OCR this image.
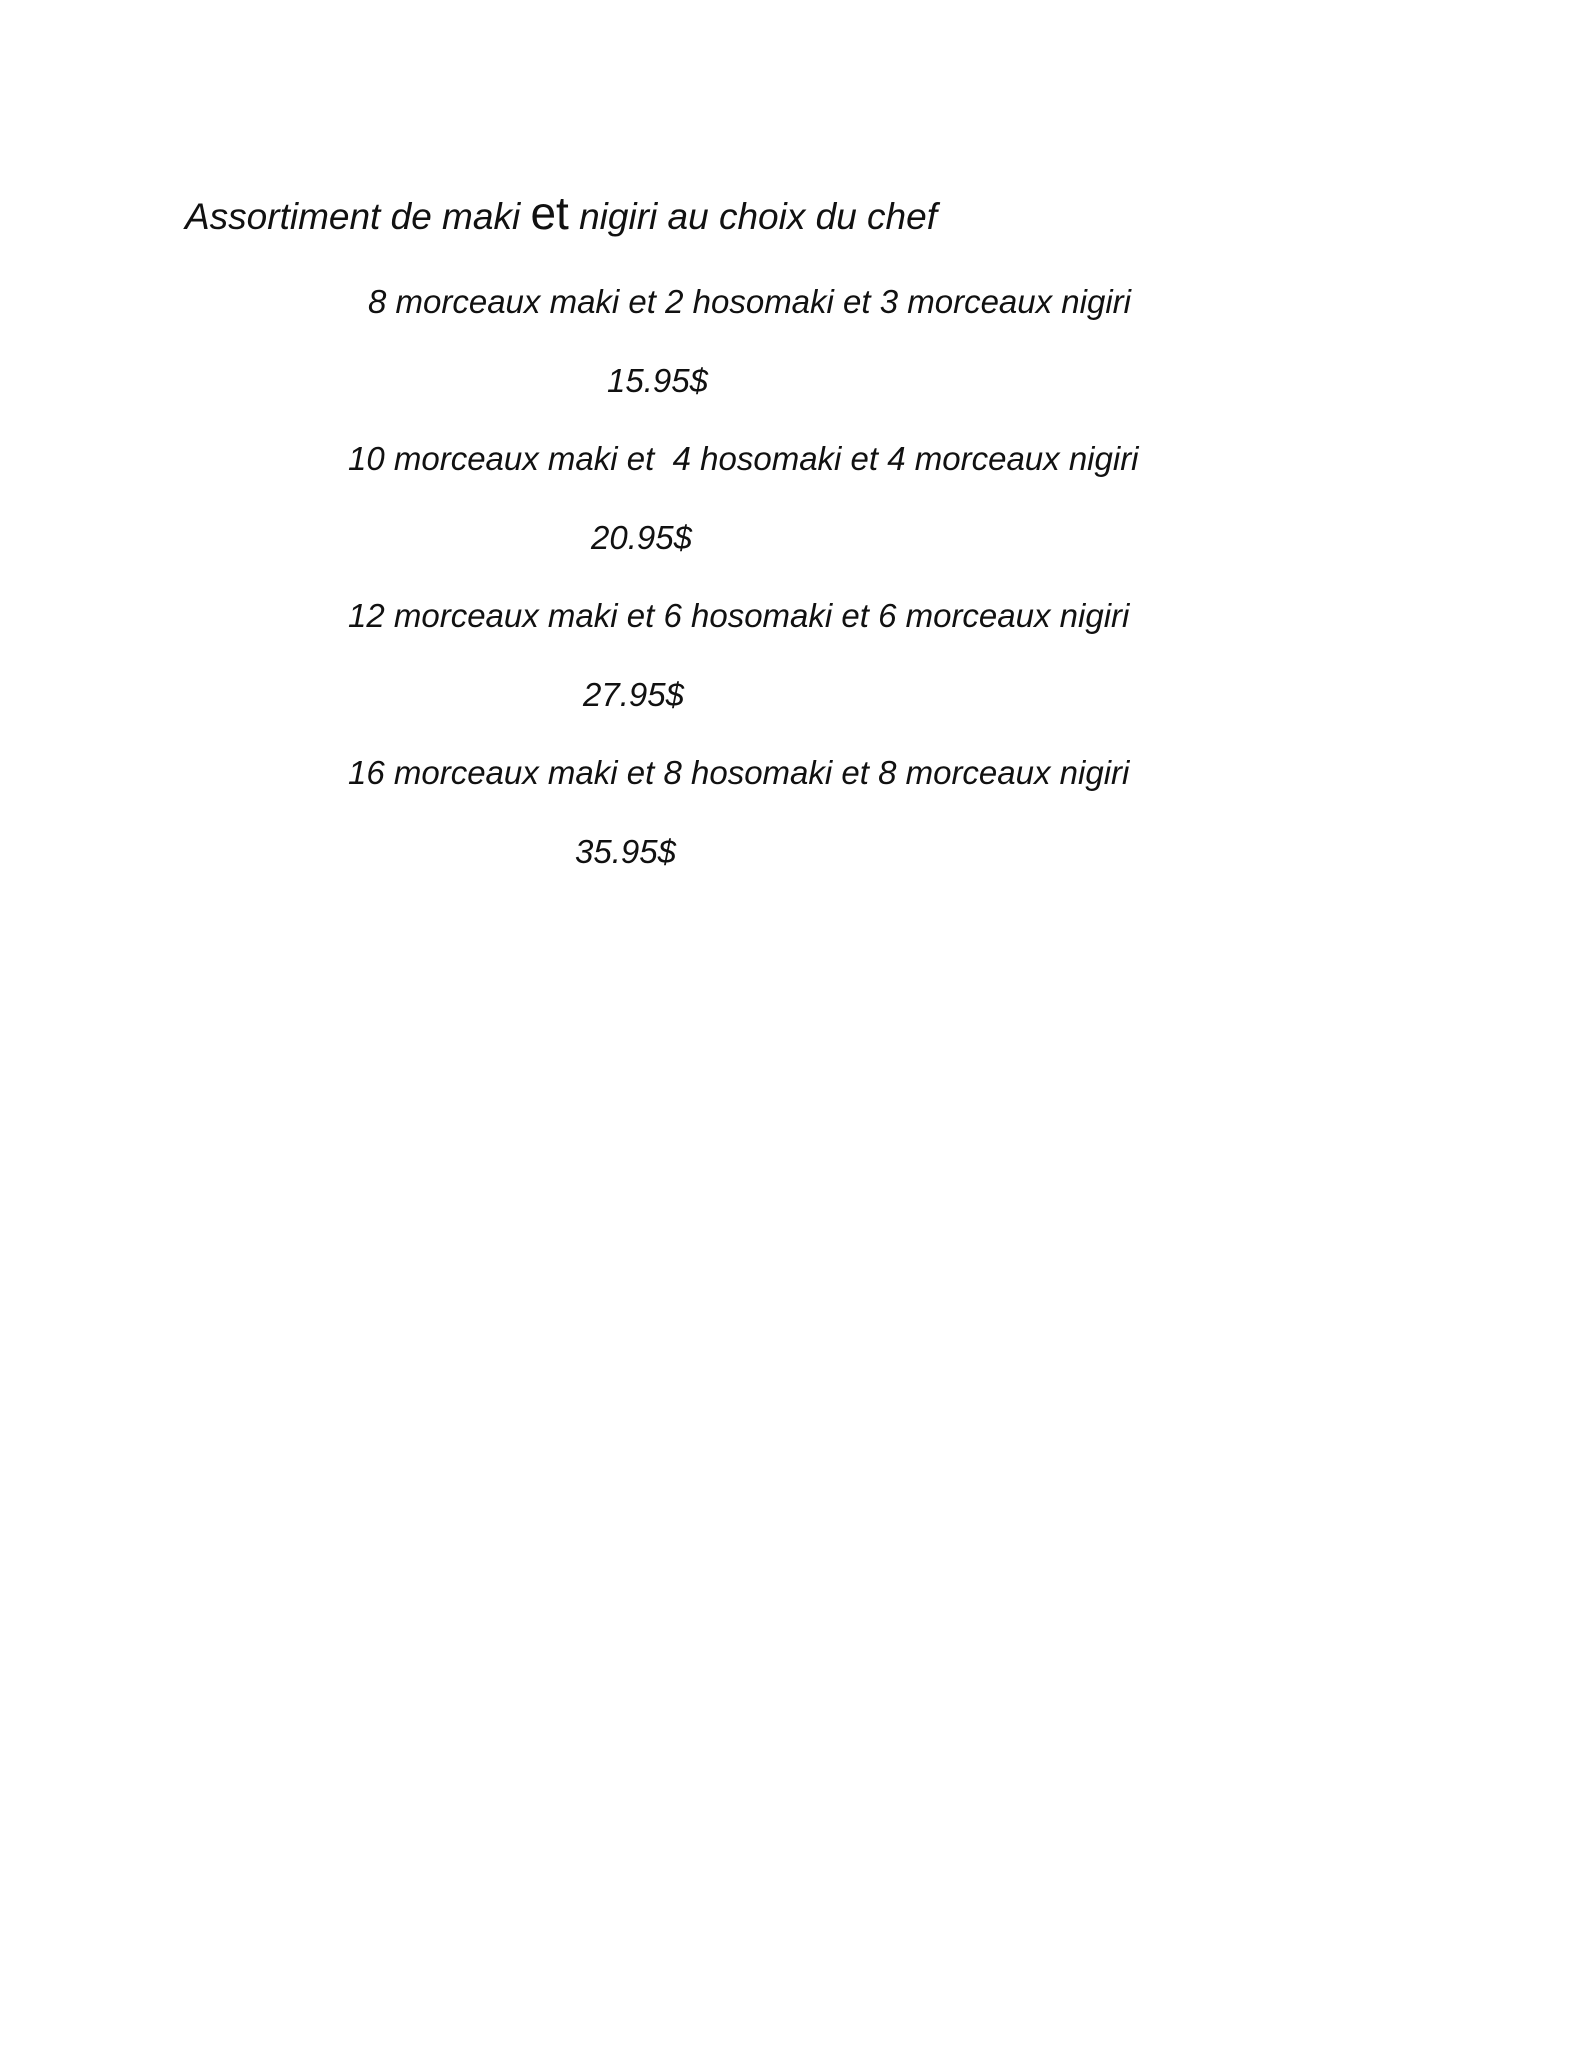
Assortiment de maki et nigiri au choix du chef
8 morceaux maki et 2 hosomaki et 3 morceaux nigiri
15.95$
10 morceaux maki et  4 hosomaki et 4 morceaux nigiri
20.95$
12 morceaux maki et 6 hosomaki et 6 morceaux nigiri
27.95$
16 morceaux maki et 8 hosomaki et 8 morceaux nigiri
35.95$
